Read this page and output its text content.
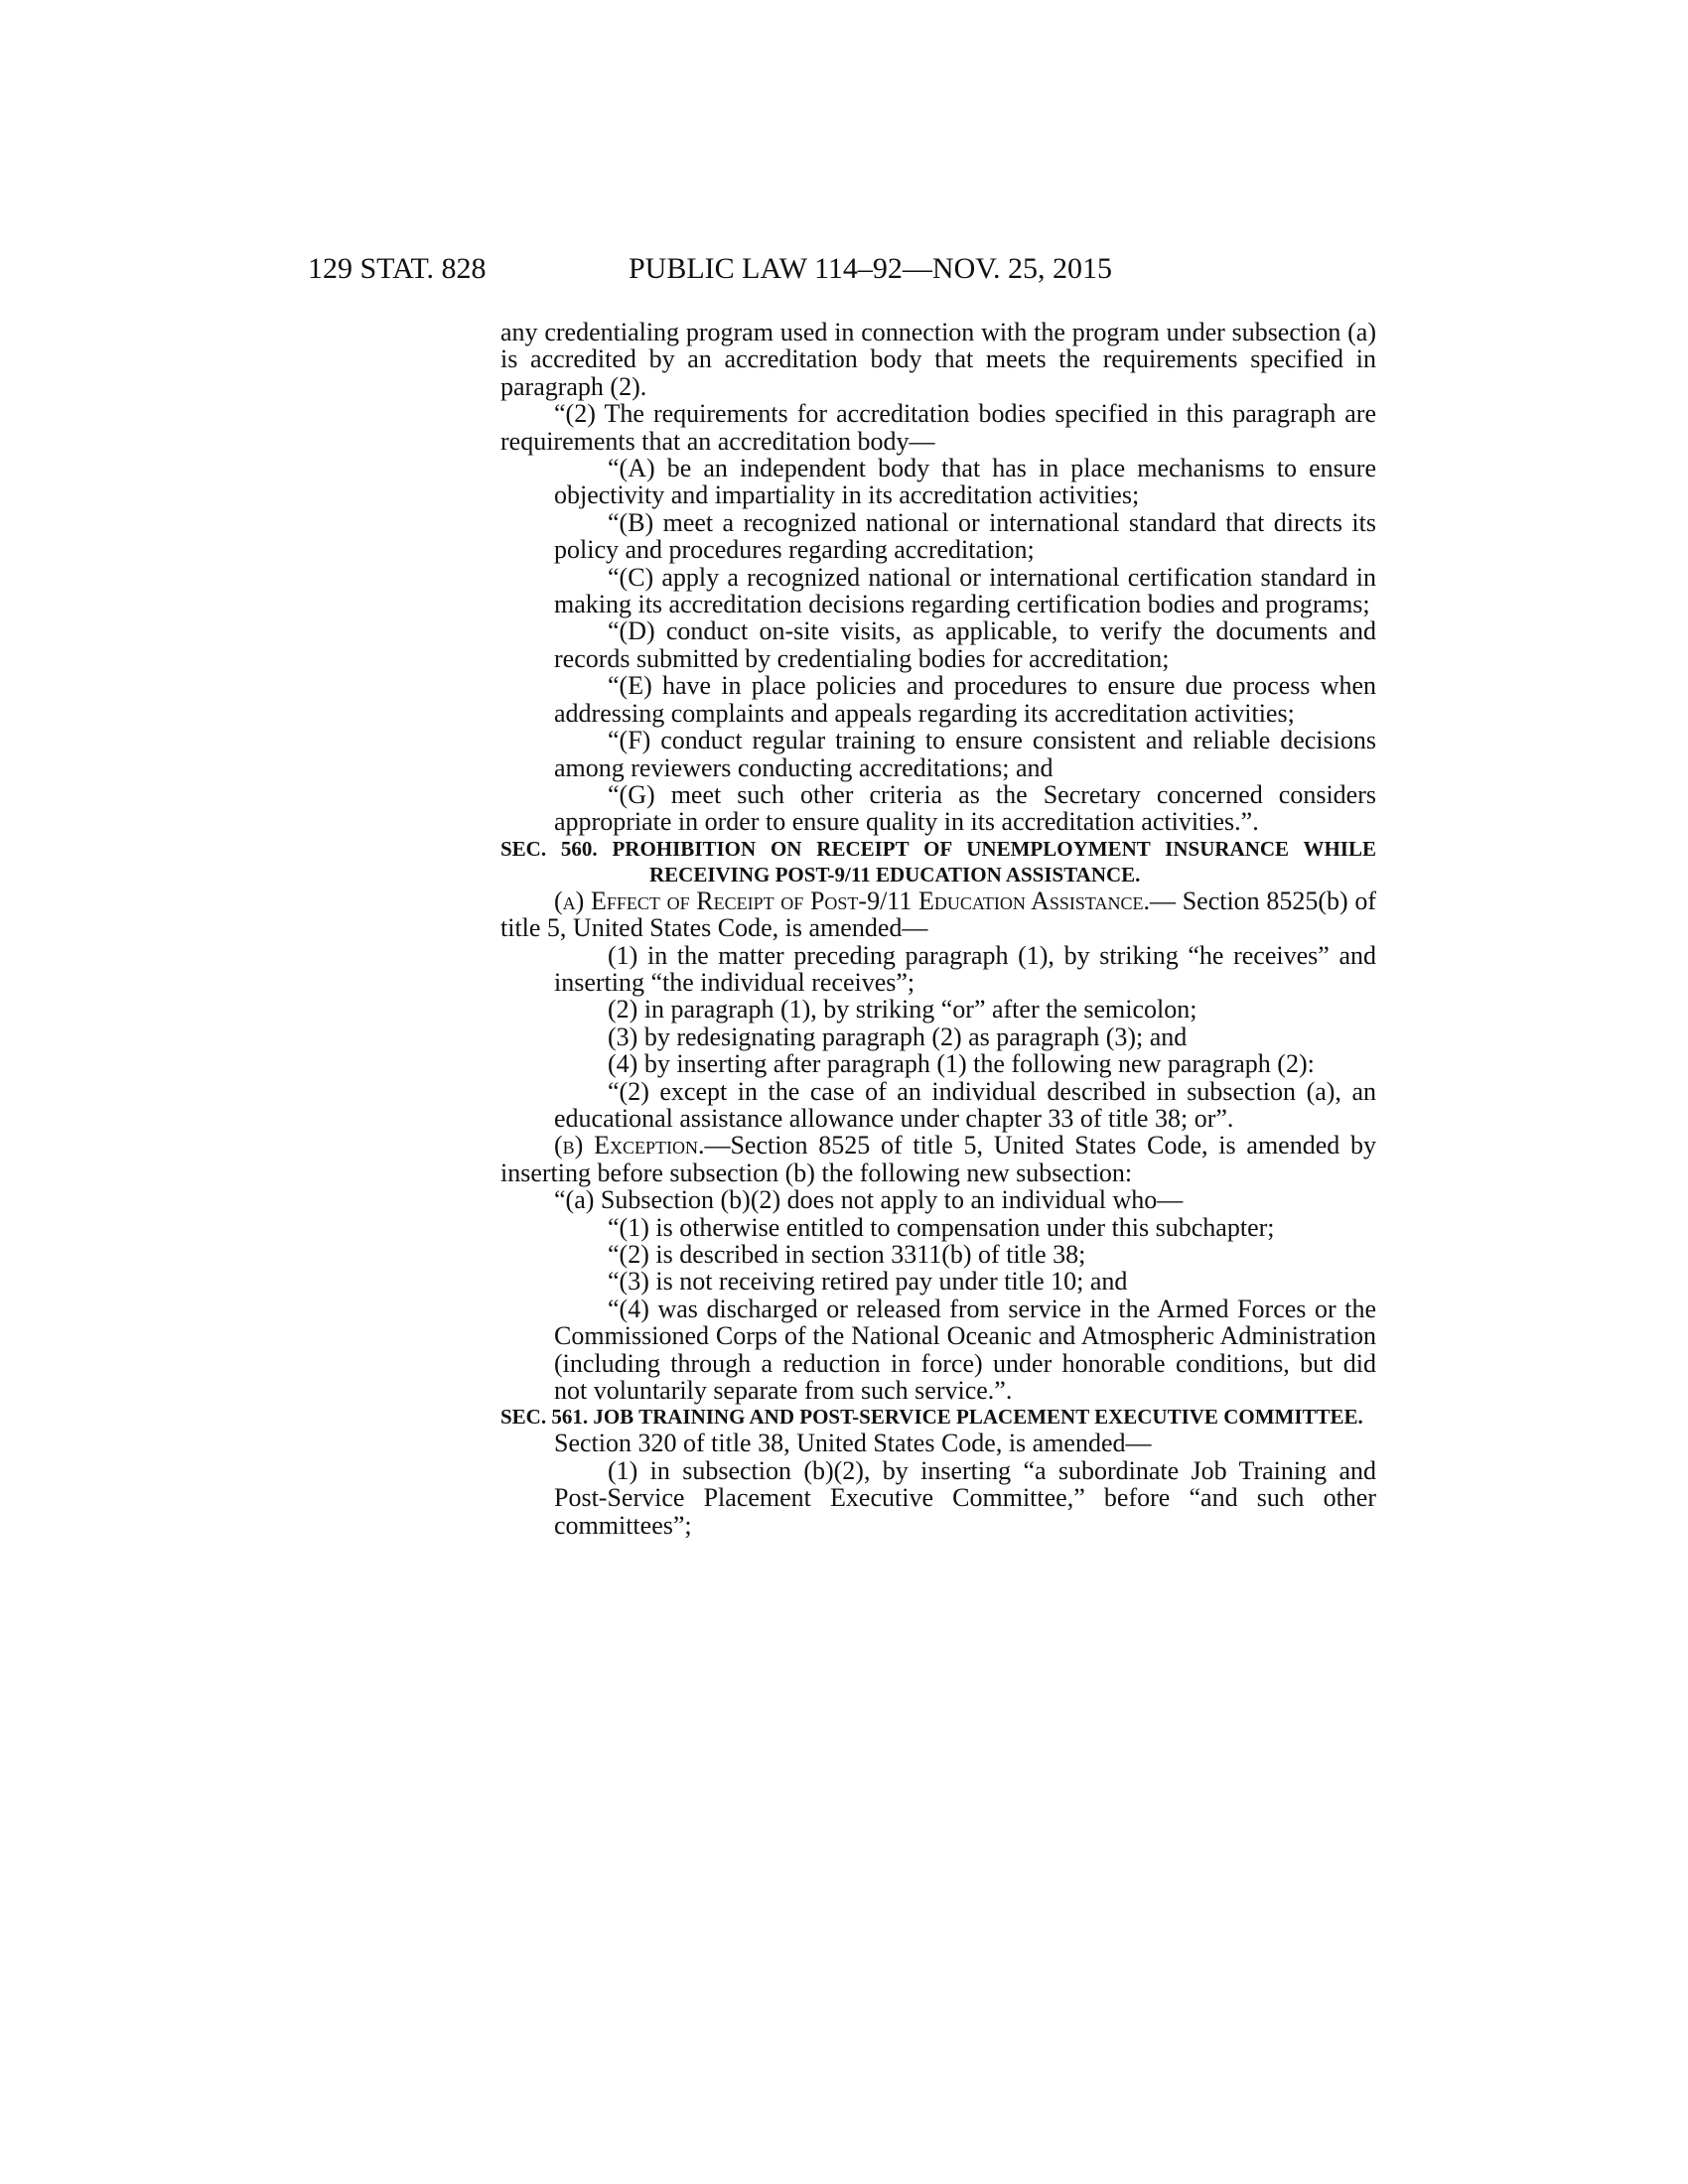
129 STAT. 828	PUBLIC LAW 114–92—NOV. 25, 2015

any credentialing program used in connection with the program under subsection (a) is accredited by an accreditation body that meets the requirements specified in paragraph (2).

“(2) The requirements for accreditation bodies specified in this paragraph are requirements that an accreditation body—

“(A) be an independent body that has in place mechanisms to ensure objectivity and impartiality in its accreditation activities;

“(B) meet a recognized national or international standard that directs its policy and procedures regarding accreditation;

“(C) apply a recognized national or international certification standard in making its accreditation decisions regarding certification bodies and programs;

“(D) conduct on-site visits, as applicable, to verify the documents and records submitted by credentialing bodies for accreditation;

“(E) have in place policies and procedures to ensure due process when addressing complaints and appeals regarding its accreditation activities;

“(F) conduct regular training to ensure consistent and reliable decisions among reviewers conducting accreditations; and

“(G) meet such other criteria as the Secretary concerned considers appropriate in order to ensure quality in its accreditation activities.”.

SEC. 560. PROHIBITION ON RECEIPT OF UNEMPLOYMENT INSURANCE WHILE RECEIVING POST-9/11 EDUCATION ASSISTANCE.

(a) Effect of Receipt of Post-9/11 Education Assistance.— Section 8525(b) of title 5, United States Code, is amended—

(1) in the matter preceding paragraph (1), by striking “he receives” and inserting “the individual receives”;

(2) in paragraph (1), by striking “or” after the semicolon;

(3) by redesignating paragraph (2) as paragraph (3); and

(4) by inserting after paragraph (1) the following new paragraph (2):

“(2) except in the case of an individual described in subsection (a), an educational assistance allowance under chapter 33 of title 38; or”.

(b) Exception.—Section 8525 of title 5, United States Code, is amended by inserting before subsection (b) the following new subsection:

“(a) Subsection (b)(2) does not apply to an individual who—

“(1) is otherwise entitled to compensation under this subchapter;

“(2) is described in section 3311(b) of title 38;

“(3) is not receiving retired pay under title 10; and

“(4) was discharged or released from service in the Armed Forces or the Commissioned Corps of the National Oceanic and Atmospheric Administration (including through a reduction in force) under honorable conditions, but did not voluntarily separate from such service.”.

SEC. 561. JOB TRAINING AND POST-SERVICE PLACEMENT EXECUTIVE COMMITTEE.

Section 320 of title 38, United States Code, is amended—

(1) in subsection (b)(2), by inserting “a subordinate Job Training and Post-Service Placement Executive Committee,” before “and such other committees”;
